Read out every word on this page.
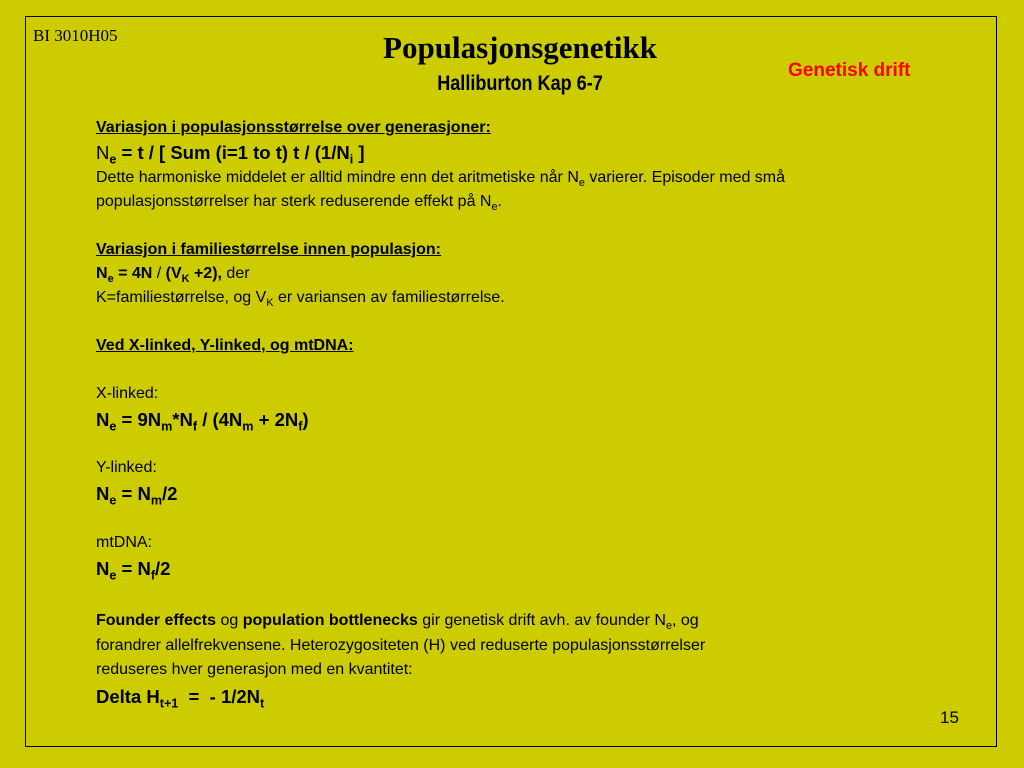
BI 3010H05	Populasjonsgenetikk
Halliburton Kap 6-7
Genetisk drift
Variasjon i populasjonsstørrelse over generasjoner:
$N_e = t$ / [ Sum (i=1 to t) t / ($1/N_i$ ]
Dette harmoniske middelet er alltid mindre enn det aritmetiske når $N_e$ varierer. Episoder med små
populasjonsstørrelser har sterk reduserende effekt på $N_e$.
Variasjon i familiestørrelse innen populasjon:
$N_e = 4N / (V_K +2)$, der
K=familiestørrelse, og $V_K$ er variansen av familiestørrelse.
Ved X-linked, Y-linked, og mtDNA:
X-linked:
$N_e = 9N_m*N_f / (4N_m + 2N_f)$
Y-linked:
$N_e = N_m/2$
mtDNA:
$N_e = N_f/2$
Founder effects og population bottlenecks gir genetisk drift avh. av founder $N_e$, og
forandrer allelfrekvensene. Heterozygositeten (H) ved reduserte populasjonsstørrelser
reduseres hver generasjon med en kvantitet:
Delta $H_{t+1}$  =  - $1/2N_t$
15
